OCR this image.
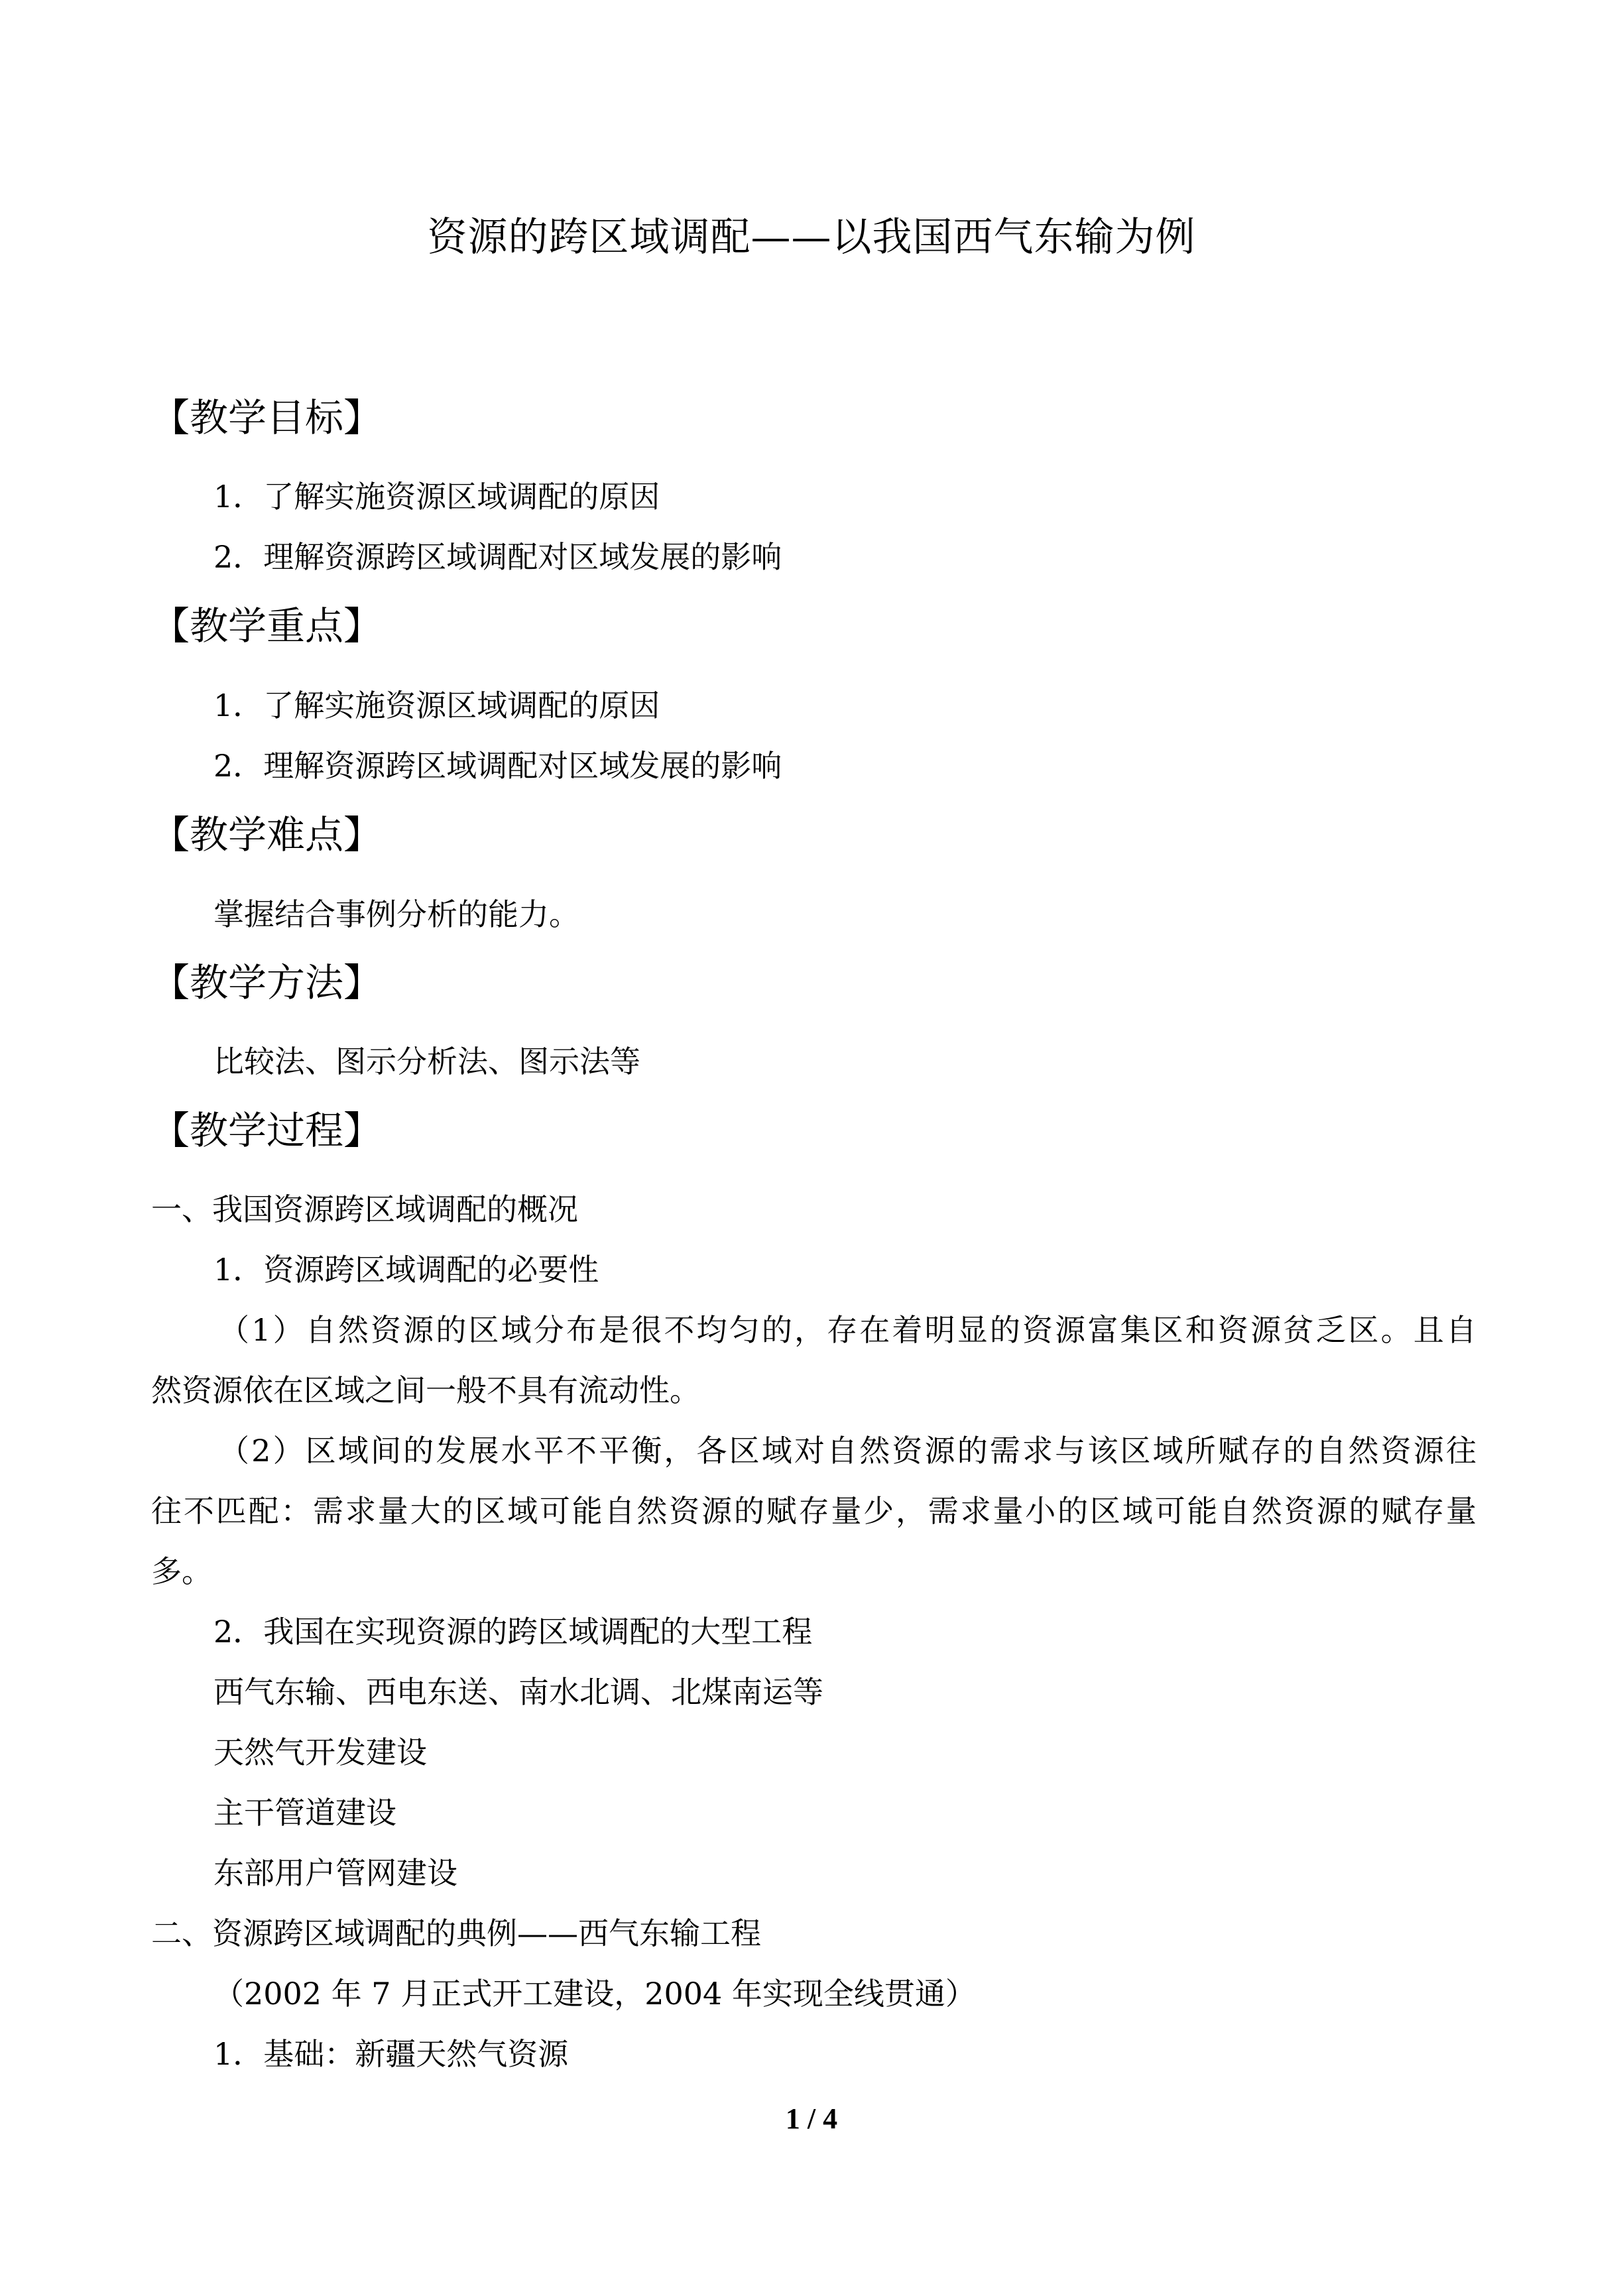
资源的跨区域调配——以我国西气东输为例
【教学目标】
1．了解实施资源区域调配的原因
2．理解资源跨区域调配对区域发展的影响
【教学重点】
1．了解实施资源区域调配的原因
2．理解资源跨区域调配对区域发展的影响
【教学难点】
掌握结合事例分析的能力。
【教学方法】
比较法、图示分析法、图示法等
【教学过程】
一、我国资源跨区域调配的概况
1．资源跨区域调配的必要性
（1）自然资源的区域分布是很不均匀的，存在着明显的资源富集区和资源贫乏区。且自
然资源依在区域之间一般不具有流动性。
（2）区域间的发展水平不平衡，各区域对自然资源的需求与该区域所赋存的自然资源往
往不匹配：需求量大的区域可能自然资源的赋存量少，需求量小的区域可能自然资源的赋存量
多。
2．我国在实现资源的跨区域调配的大型工程
西气东输、西电东送、南水北调、北煤南运等
天然气开发建设
主干管道建设
东部用户管网建设
二、资源跨区域调配的典例——西气东输工程
（2002 年 7 月正式开工建设，2004 年实现全线贯通）
1．基础：新疆天然气资源
1 / 4
